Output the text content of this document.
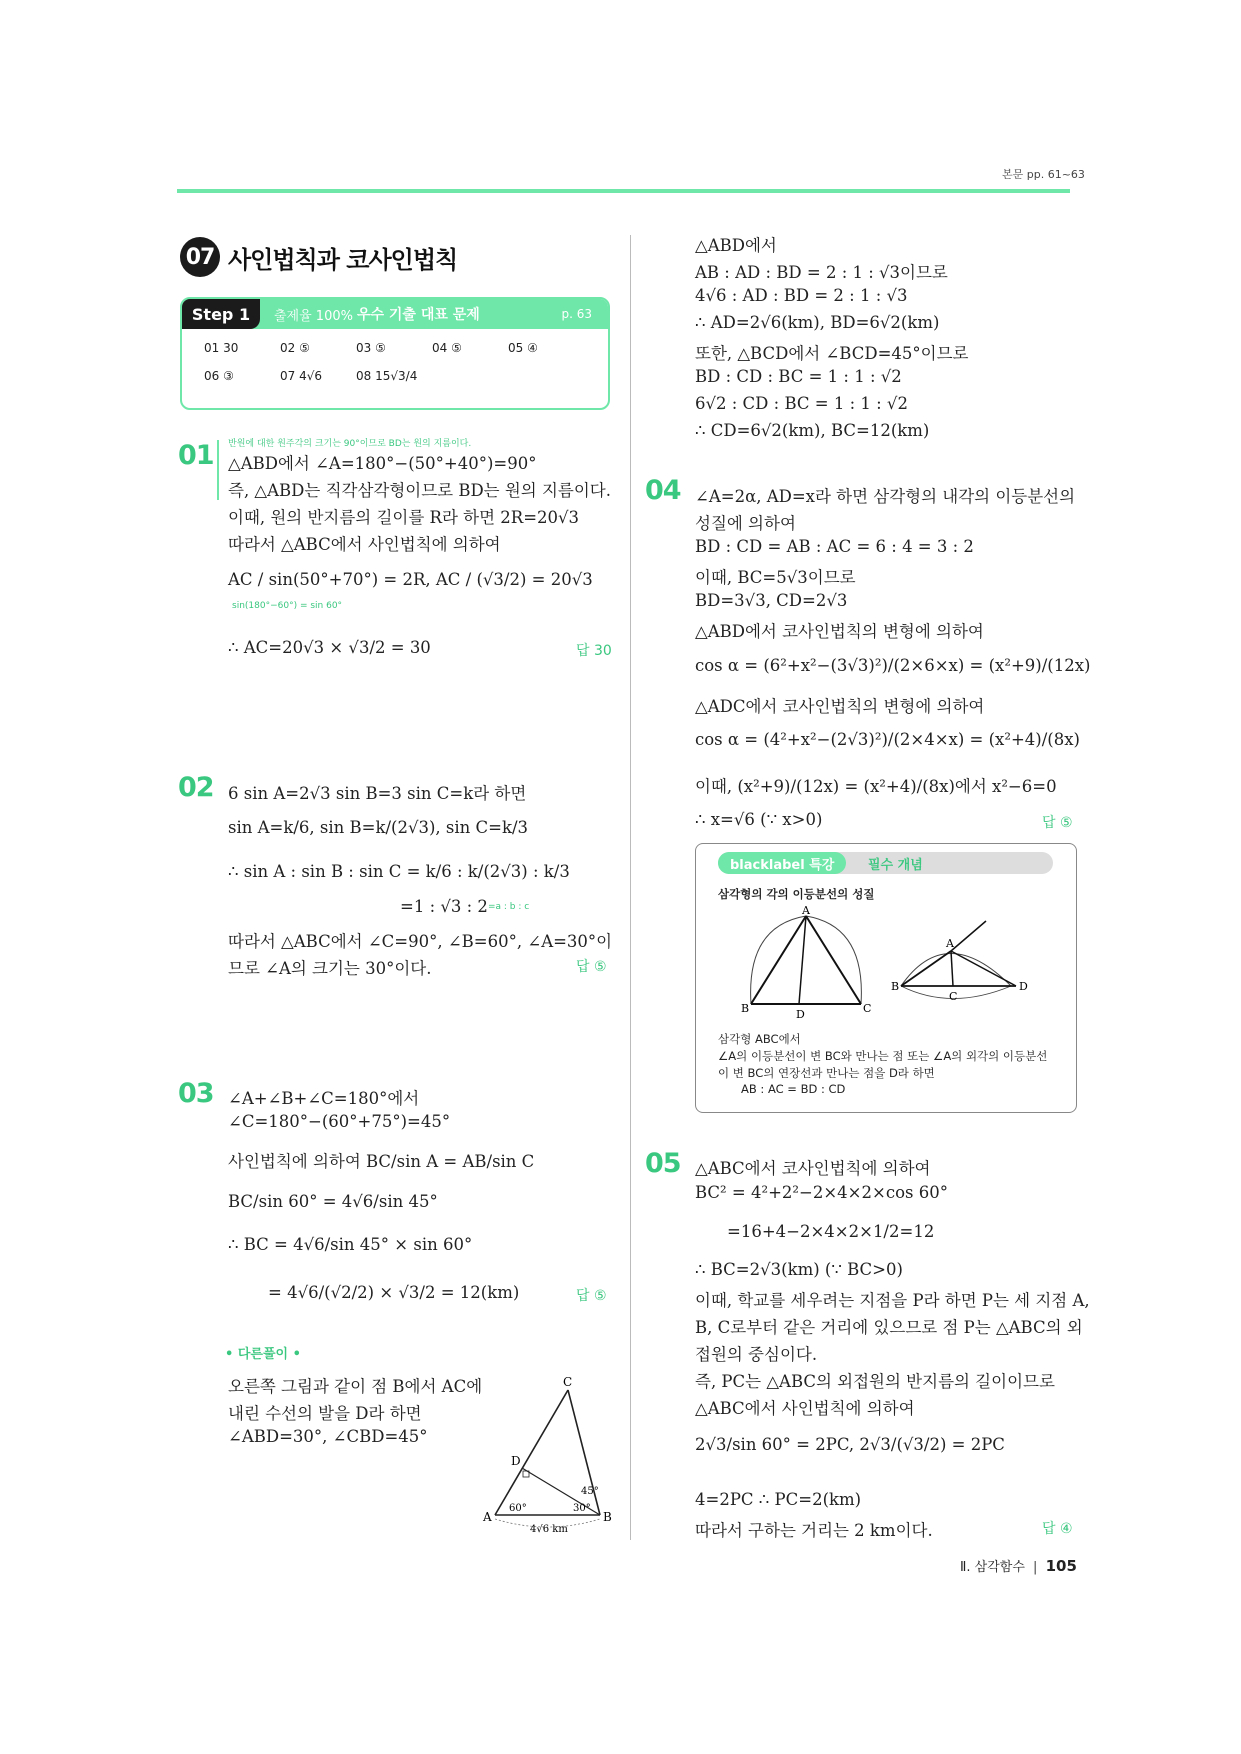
본문 pp. 61~63
07 사인법칙과 코사인법칙
Step 1	출제율 100% 우수 기출 대표 문제	p. 63
01 30	02 ⑤	03 ⑤	04 ⑤	05 ④
06 ③	07 4√6	08 15√3/4
01 반원에 대한 원주각의 크기는 90°이므로 BD는 원의 지름이다.
△ABD에서 ∠A=180°−(50°+40°)=90°
즉, △ABD는 직각삼각형이므로 BD는 원의 지름이다.
이때, 원의 반지름의 길이를 R라 하면 2R=20√3
따라서 △ABC에서 사인법칙에 의하여
AC / sin(50°+70°) = 2R, AC / (√3/2) = 20√3
sin(180°−60°) = sin 60°
∴ AC=20√3 × √3/2 = 30	답 30
02 6 sin A=2√3 sin B=3 sin C=k라 하면
sin A=k/6, sin B=k/(2√3), sin C=k/3
∴ sin A : sin B : sin C = k/6 : k/(2√3) : k/3
=1 : √3 : 2 =a : b : c
따라서 △ABC에서 ∠C=90°, ∠B=60°, ∠A=30°이
므로 ∠A의 크기는 30°이다.	답 ⑤
03 ∠A+∠B+∠C=180°에서
∠C=180°−(60°+75°)=45°
사인법칙에 의하여 BC/sin A = AB/sin C
BC/sin 60° = 4√6/sin 45°
∴ BC = 4√6/sin 45° × sin 60°
= 4√6/(√2/2) × √3/2 = 12(km)	답 ⑤
• 다른풀이 •
오른쪽 그림과 같이 점 B에서 AC에
내린 수선의 발을 D라 하면
∠ABD=30°, ∠CBD=45°
A	B
C
D
60°	30°
45°
4√6 km
△ABD에서
AB : AD : BD = 2 : 1 : √3이므로
4√6 : AD : BD = 2 : 1 : √3
∴ AD=2√6(km), BD=6√2(km)
또한, △BCD에서 ∠BCD=45°이므로
BD : CD : BC = 1 : 1 : √2
6√2 : CD : BC = 1 : 1 : √2
∴ CD=6√2(km), BC=12(km)
04 ∠A=2α, AD=x라 하면 삼각형의 내각의 이등분선의
성질에 의하여
BD : CD = AB : AC = 6 : 4 = 3 : 2
이때, BC=5√3이므로
BD=3√3, CD=2√3
△ABD에서 코사인법칙의 변형에 의하여
cos α = (6²+x²−(3√3)²)/(2×6×x) = (x²+9)/(12x)
△ADC에서 코사인법칙의 변형에 의하여
cos α = (4²+x²−(2√3)²)/(2×4×x) = (x²+4)/(8x)
이때, (x²+9)/(12x) = (x²+4)/(8x)에서 x²−6=0
∴ x=√6 (∵ x>0)	답 ⑤
blacklabel 특강	필수 개념
삼각형의 각의 이등분선의 성질
A
B	C
D
A
B
C
D
삼각형 ABC에서
∠A의 이등분선이 변 BC와 만나는 점 또는 ∠A의 외각의 이등분선
이 변 BC의 연장선과 만나는 점을 D라 하면
AB : AC = BD : CD
05 △ABC에서 코사인법칙에 의하여
BC² = 4²+2²−2×4×2×cos 60°
=16+4−2×4×2×1/2=12
∴ BC=2√3(km) (∵ BC>0)
이때, 학교를 세우려는 지점을 P라 하면 P는 세 지점 A,
B, C로부터 같은 거리에 있으므로 점 P는 △ABC의 외
접원의 중심이다.
즉, PC는 △ABC의 외접원의 반지름의 길이이므로
△ABC에서 사인법칙에 의하여
2√3/sin 60° = 2PC, 2√3/(√3/2) = 2PC
4=2PC ∴ PC=2(km)
따라서 구하는 거리는 2 km이다.	답 ④
Ⅱ. 삼각함수 | 105
